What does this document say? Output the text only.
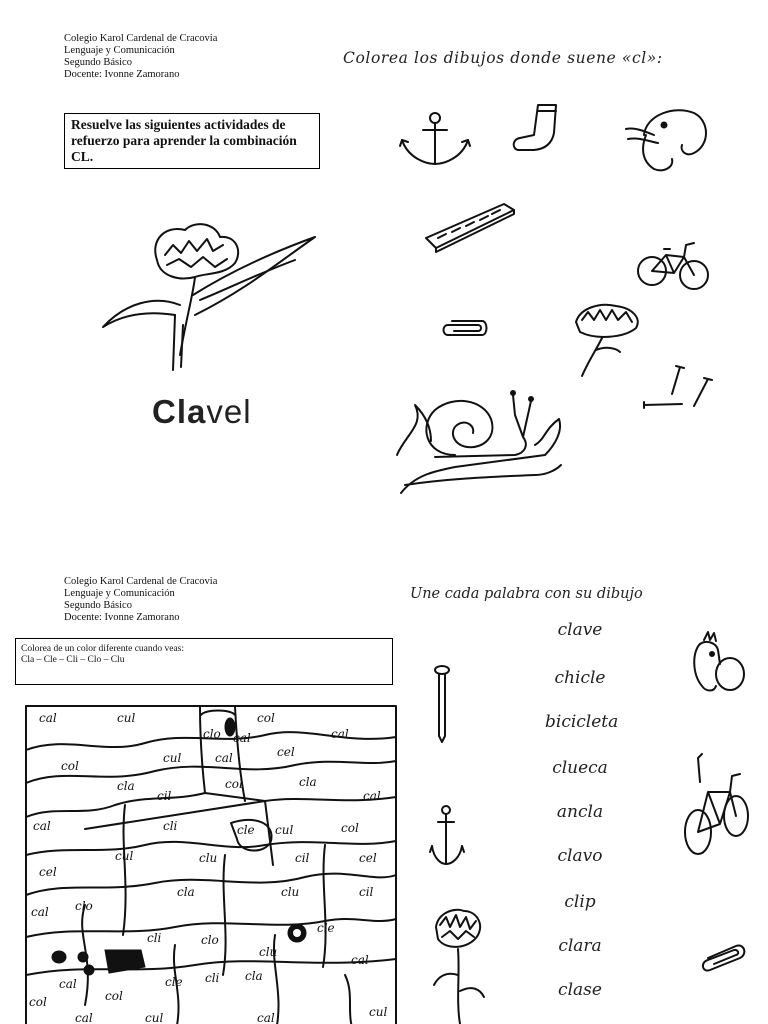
Colegio Karol Cardenal de Cracovia
Lenguaje y Comunicación
Segundo Básico
Docente: Ivonne Zamorano
Colorea los dibujos donde suene «cl»:
Resuelve las siguientes actividades de refuerzo para aprender la combinación CL.
Clavel
Colegio Karol Cardenal de Cracovia
Lenguaje y Comunicación
Segundo Básico
Docente: Ivonne Zamorano
Une cada palabra con su dibujo
Colorea de un color diferente cuando veas:
Cla – Cle – Cli – Clo – Clu
cal	cul
clo cal
col
cal
col
cul	cal	cel
cla
cil
col	cla
cal
cal	cli	cle cul	col
cul	clu	cil	cel
cel
clo
cla	clu	cil
cal
cli	clo
clu
cle
cal
cle cli cla
cal
col
col
cal	cul	cal	cul
clave
chicle
bicicleta
clueca
ancla
clavo
clip
clara
clase
